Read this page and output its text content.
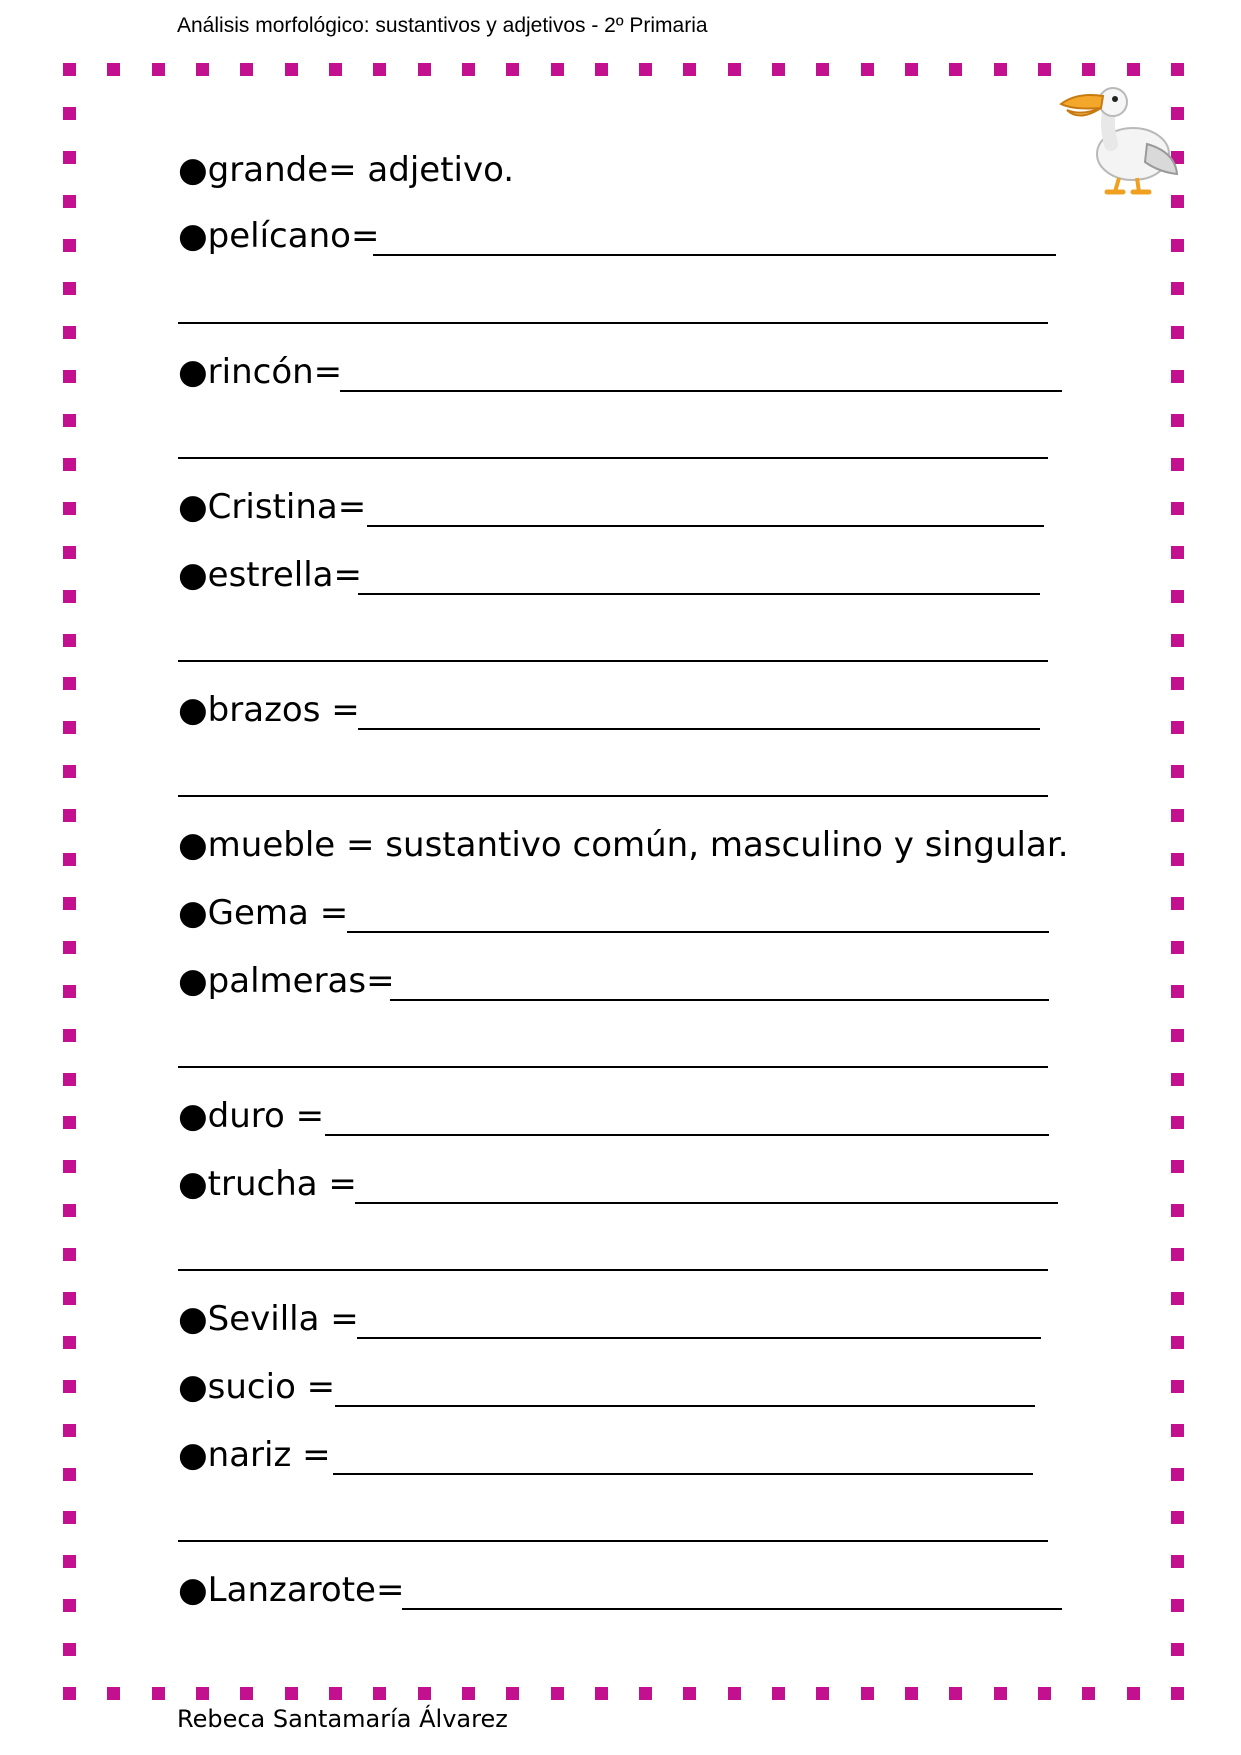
Análisis morfológico: sustantivos y adjetivos - 2º Primaria
●grande= adjetivo.
●pelícano=
●rincón=
●Cristina=
●estrella=
●brazos =
●mueble = sustantivo común, masculino y singular.
●Gema =
●palmeras=
●duro =
●trucha =
●Sevilla =
●sucio =
●nariz =
●Lanzarote=
Rebeca Santamaría Álvarez
